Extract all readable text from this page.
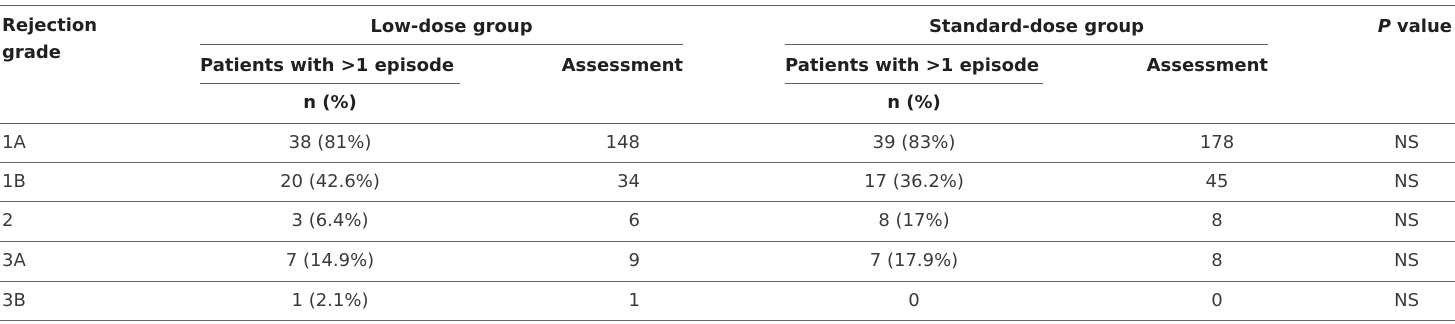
Rejection grade
Low-dose group	Standard-dose group	P value
Patients with >1 episode	Assessment	Patients with >1 episode	Assessment
n (%)	n (%)
1A	38 (81%)	148	39 (83%)	178	NS
1B	20 (42.6%)	34	17 (36.2%)	45	NS
2	3 (6.4%)	6	8 (17%)	8	NS
3A	7 (14.9%)	9	7 (17.9%)	8	NS
3B	1 (2.1%)	1	0	0	NS
